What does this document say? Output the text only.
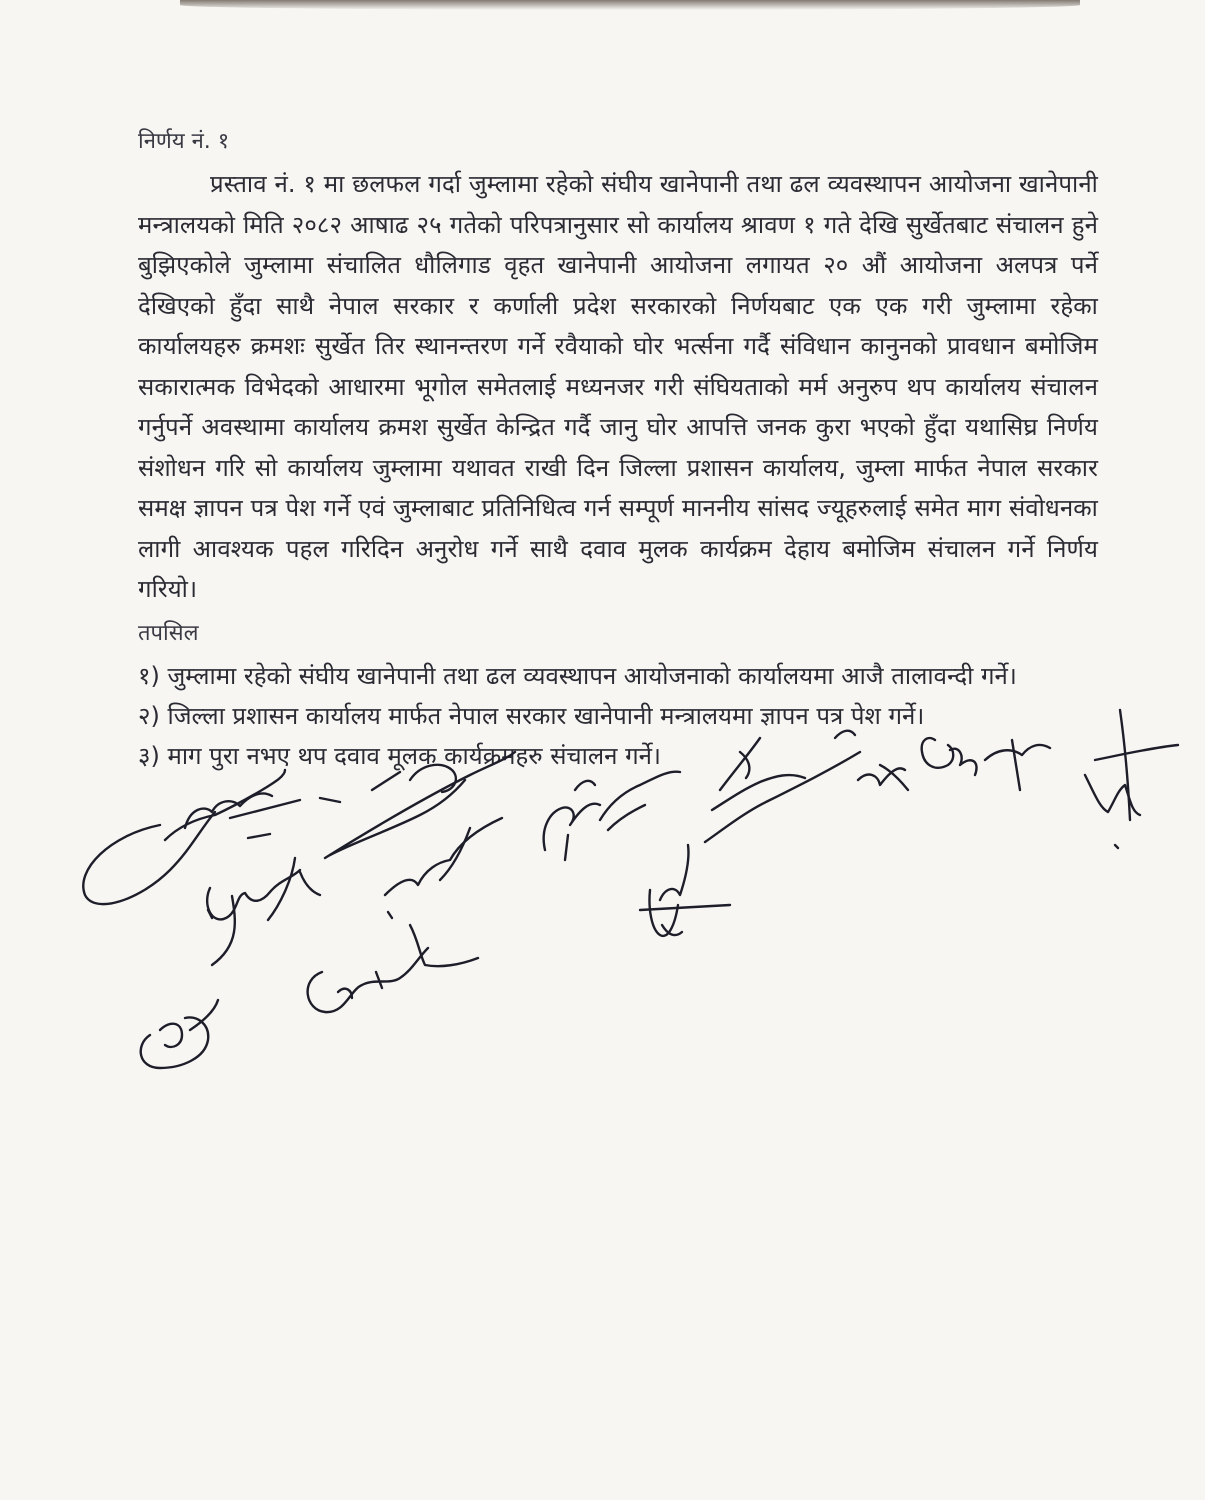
निर्णय नं. १

प्रस्ताव नं. १ मा छलफल गर्दा जुम्लामा रहेको संघीय खानेपानी तथा ढल व्यवस्थापन आयोजना खानेपानी मन्त्रालयको मिति २०८२ आषाढ २५ गतेको परिपत्रानुसार सो कार्यालय श्रावण १ गते देखि सुर्खेतबाट संचालन हुने बुझिएकोले जुम्लामा संचालित धौलिगाड वृहत खानेपानी आयोजना लगायत २० औं आयोजना अलपत्र पर्ने देखिएको हुँदा साथै नेपाल सरकार र कर्णाली प्रदेश सरकारको निर्णयबाट एक एक गरी जुम्लामा रहेका कार्यालयहरु क्रमशः सुर्खेत तिर स्थानन्तरण गर्ने रवैयाको घोर भर्त्सना गर्दै संविधान कानुनको प्रावधान बमोजिम सकारात्मक विभेदको आधारमा भूगोल समेतलाई मध्यनजर गरी संघियताको मर्म अनुरुप थप कार्यालय संचालन गर्नुपर्ने अवस्थामा कार्यालय क्रमश सुर्खेत केन्द्रित गर्दै जानु घोर आपत्ति जनक कुरा भएको हुँदा यथासिघ्र निर्णय संशोधन गरि सो कार्यालय जुम्लामा यथावत राखी दिन जिल्ला प्रशासन कार्यालय, जुम्ला मार्फत नेपाल सरकार समक्ष ज्ञापन पत्र पेश गर्ने एवं जुम्लाबाट प्रतिनिधित्व गर्न सम्पूर्ण माननीय सांसद ज्यूहरुलाई समेत माग संवोधनका लागी आवश्यक पहल गरिदिन अनुरोध गर्ने साथै दवाव मुलक कार्यक्रम देहाय बमोजिम संचालन गर्ने निर्णय गरियो।

तपसिल

१) जुम्लामा रहेको संघीय खानेपानी तथा ढल व्यवस्थापन आयोजनाको कार्यालयमा आजै तालावन्दी गर्ने।
२) जिल्ला प्रशासन कार्यालय मार्फत नेपाल सरकार खानेपानी मन्त्रालयमा ज्ञापन पत्र पेश गर्ने।
३) माग पुरा नभए थप दवाव मूलक कार्यक्रमहरु संचालन गर्ने।
